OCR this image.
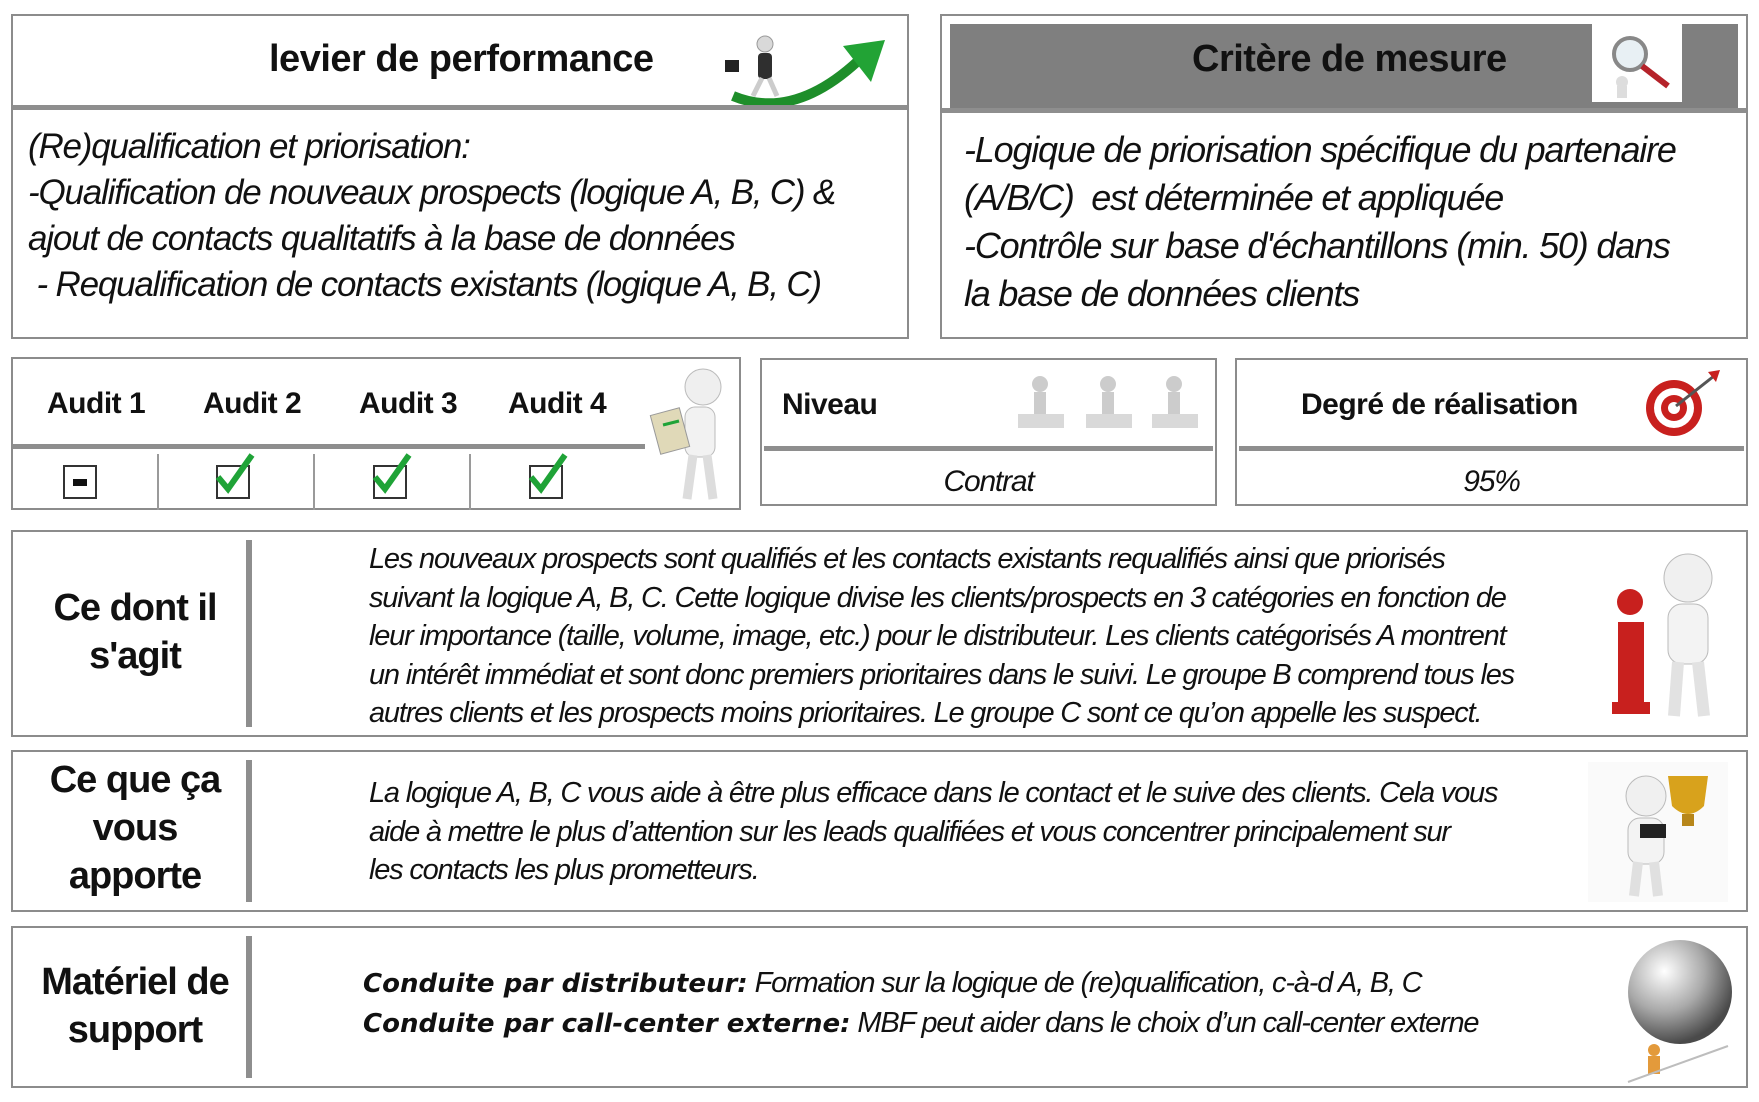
levier de performance
(Re)qualification et priorisation:
-Qualification de nouveaux prospects (logique A, B, C) &
ajout de contacts qualitatifs à la base de données
- Requalification de contacts existants (logique A, B, C)
Critère de mesure
-Logique de priorisation spécifique du partenaire
(A/B/C)  est déterminée et appliquée
-Contrôle sur base d'échantillons (min. 50) dans
la base de données clients
Audit 1 Audit 2 Audit 3 Audit 4	Niveau
Contrat
Degré de réalisation
95%
Ce dont il
s'agit
Les nouveaux prospects sont qualifiés et les contacts existants requalifiés ainsi que priorisés
suivant la logique A, B, C. Cette logique divise les clients/prospects en 3 catégories en fonction de
leur importance (taille, volume, image, etc.) pour le distributeur. Les clients catégorisés A montrent
un intérêt immédiat et sont donc premiers prioritaires dans le suivi. Le groupe B comprend tous les
autres clients et les prospects moins prioritaires. Le groupe C sont ce qu’on appelle les suspect.
Ce que ça
vous
apporte
La logique A, B, C vous aide à être plus efficace dans le contact et le suive des clients. Cela vous
aide à mettre le plus d’attention sur les leads qualifiées et vous concentrer principalement sur
les contacts les plus prometteurs.
Matériel de
support
Conduite par distributeur: Formation sur la logique de (re)qualification, c-à-d A, B, C
Conduite par call-center externe: MBF peut aider dans le choix d’un call-center externe
